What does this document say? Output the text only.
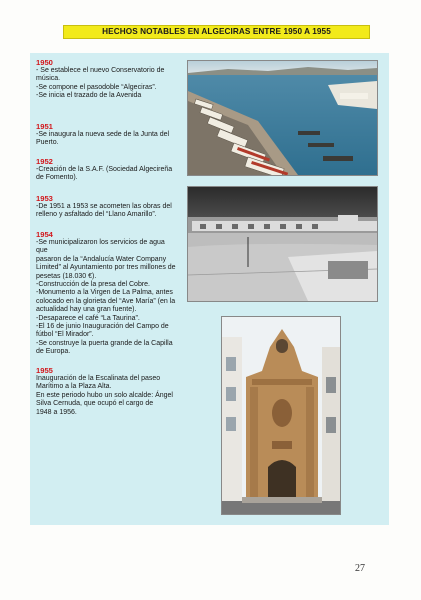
HECHOS NOTABLES EN ALGECIRAS ENTRE 1950 A 1955
1950
- Se establece el nuevo Conservatorio de
música.
-Se compone el pasodoble “Algeciras”.
-Se inicia el trazado de la Avenida
1951
-Se inaugura la nueva sede de la Junta del
Puerto.
1952
-Creación de la S.A.F. (Sociedad Algecireña
de Fomento).
1953
-De 1951 a 1953 se acometen las obras del
relleno y asfaltado del “Llano Amarillo”.
1954
-Se municipalizaron los servicios de agua que
pasaron de la “Andalucía Water Company
Limited” al Ayuntamiento por tres millones de
pesetas (18.030 €).
-Construcción de la presa del Cobre.
-Monumento a la Virgen de La Palma, antes
colocado en la glorieta del “Ave María” (en la
actualidad hay una gran fuente).
-Desaparece el café “La Taurina”.
-El 16 de junio Inauguración del Campo de
fútbol “El Mirador”.
-Se construye la puerta grande de la Capilla
de Europa.
1955
Inauguración de la Escalinata del paseo
Marítimo a la Plaza Alta.
En este periodo hubo un solo alcalde: Ángel
Silva Cernuda, que ocupó el cargo de
1948 a 1956.
27
